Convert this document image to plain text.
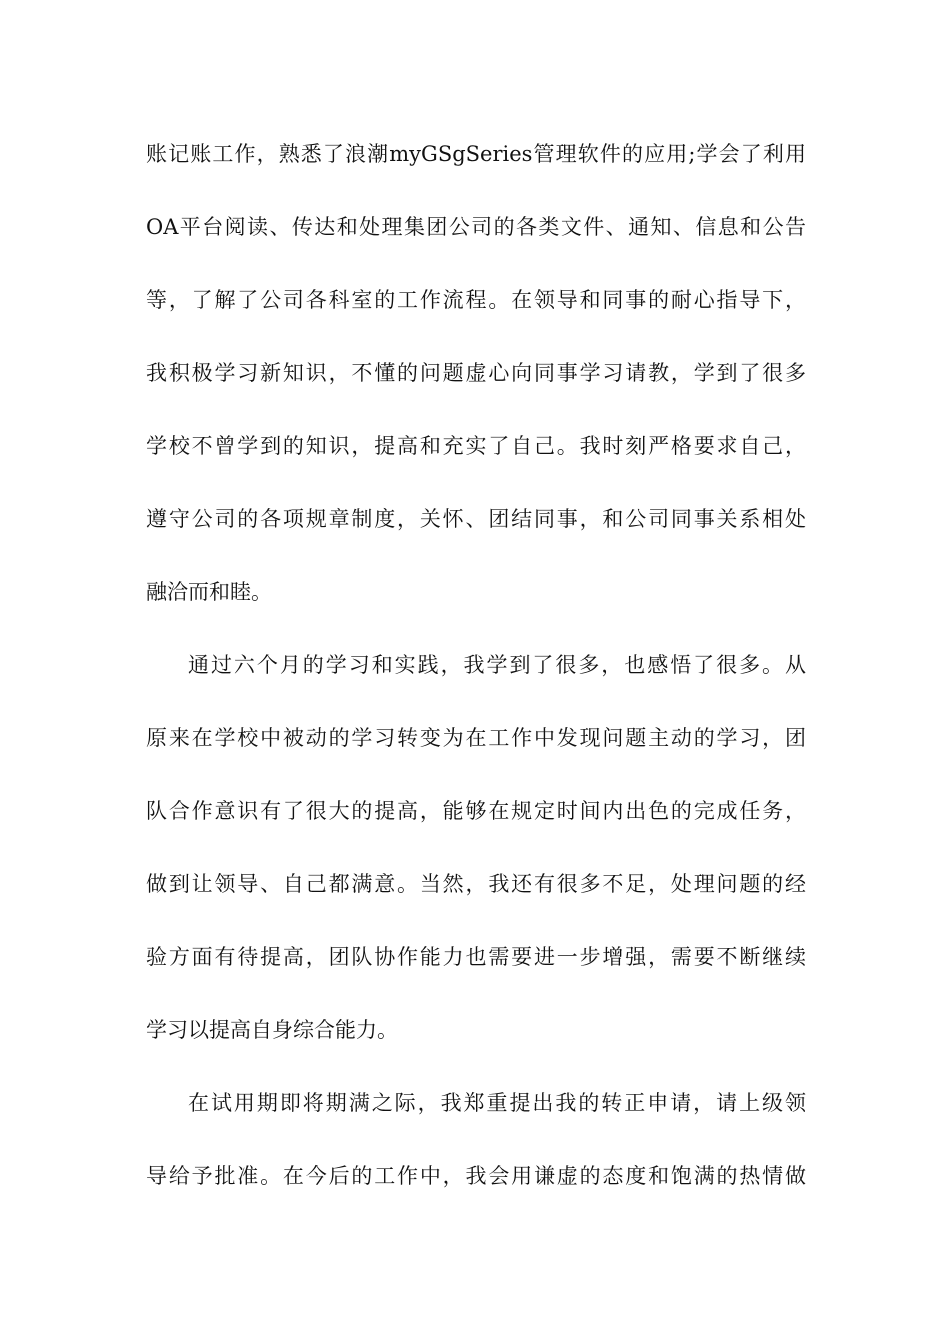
账记账工作，熟悉了浪潮myGSgSeries管理软件的应用;学会了利用
OA平台阅读、传达和处理集团公司的各类文件、通知、信息和公告
等，了解了公司各科室的工作流程。在领导和同事的耐心指导下，
我积极学习新知识，不懂的问题虚心向同事学习请教，学到了很多
学校不曾学到的知识，提高和充实了自己。我时刻严格要求自己，
遵守公司的各项规章制度，关怀、团结同事，和公司同事关系相处
融洽而和睦。
通过六个月的学习和实践，我学到了很多，也感悟了很多。从
原来在学校中被动的学习转变为在工作中发现问题主动的学习，团
队合作意识有了很大的提高，能够在规定时间内出色的完成任务，
做到让领导、自己都满意。当然，我还有很多不足，处理问题的经
验方面有待提高，团队协作能力也需要进一步增强，需要不断继续
学习以提高自身综合能力。
在试用期即将期满之际，我郑重提出我的转正申请，请上级领
导给予批准。在今后的工作中，我会用谦虚的态度和饱满的热情做
